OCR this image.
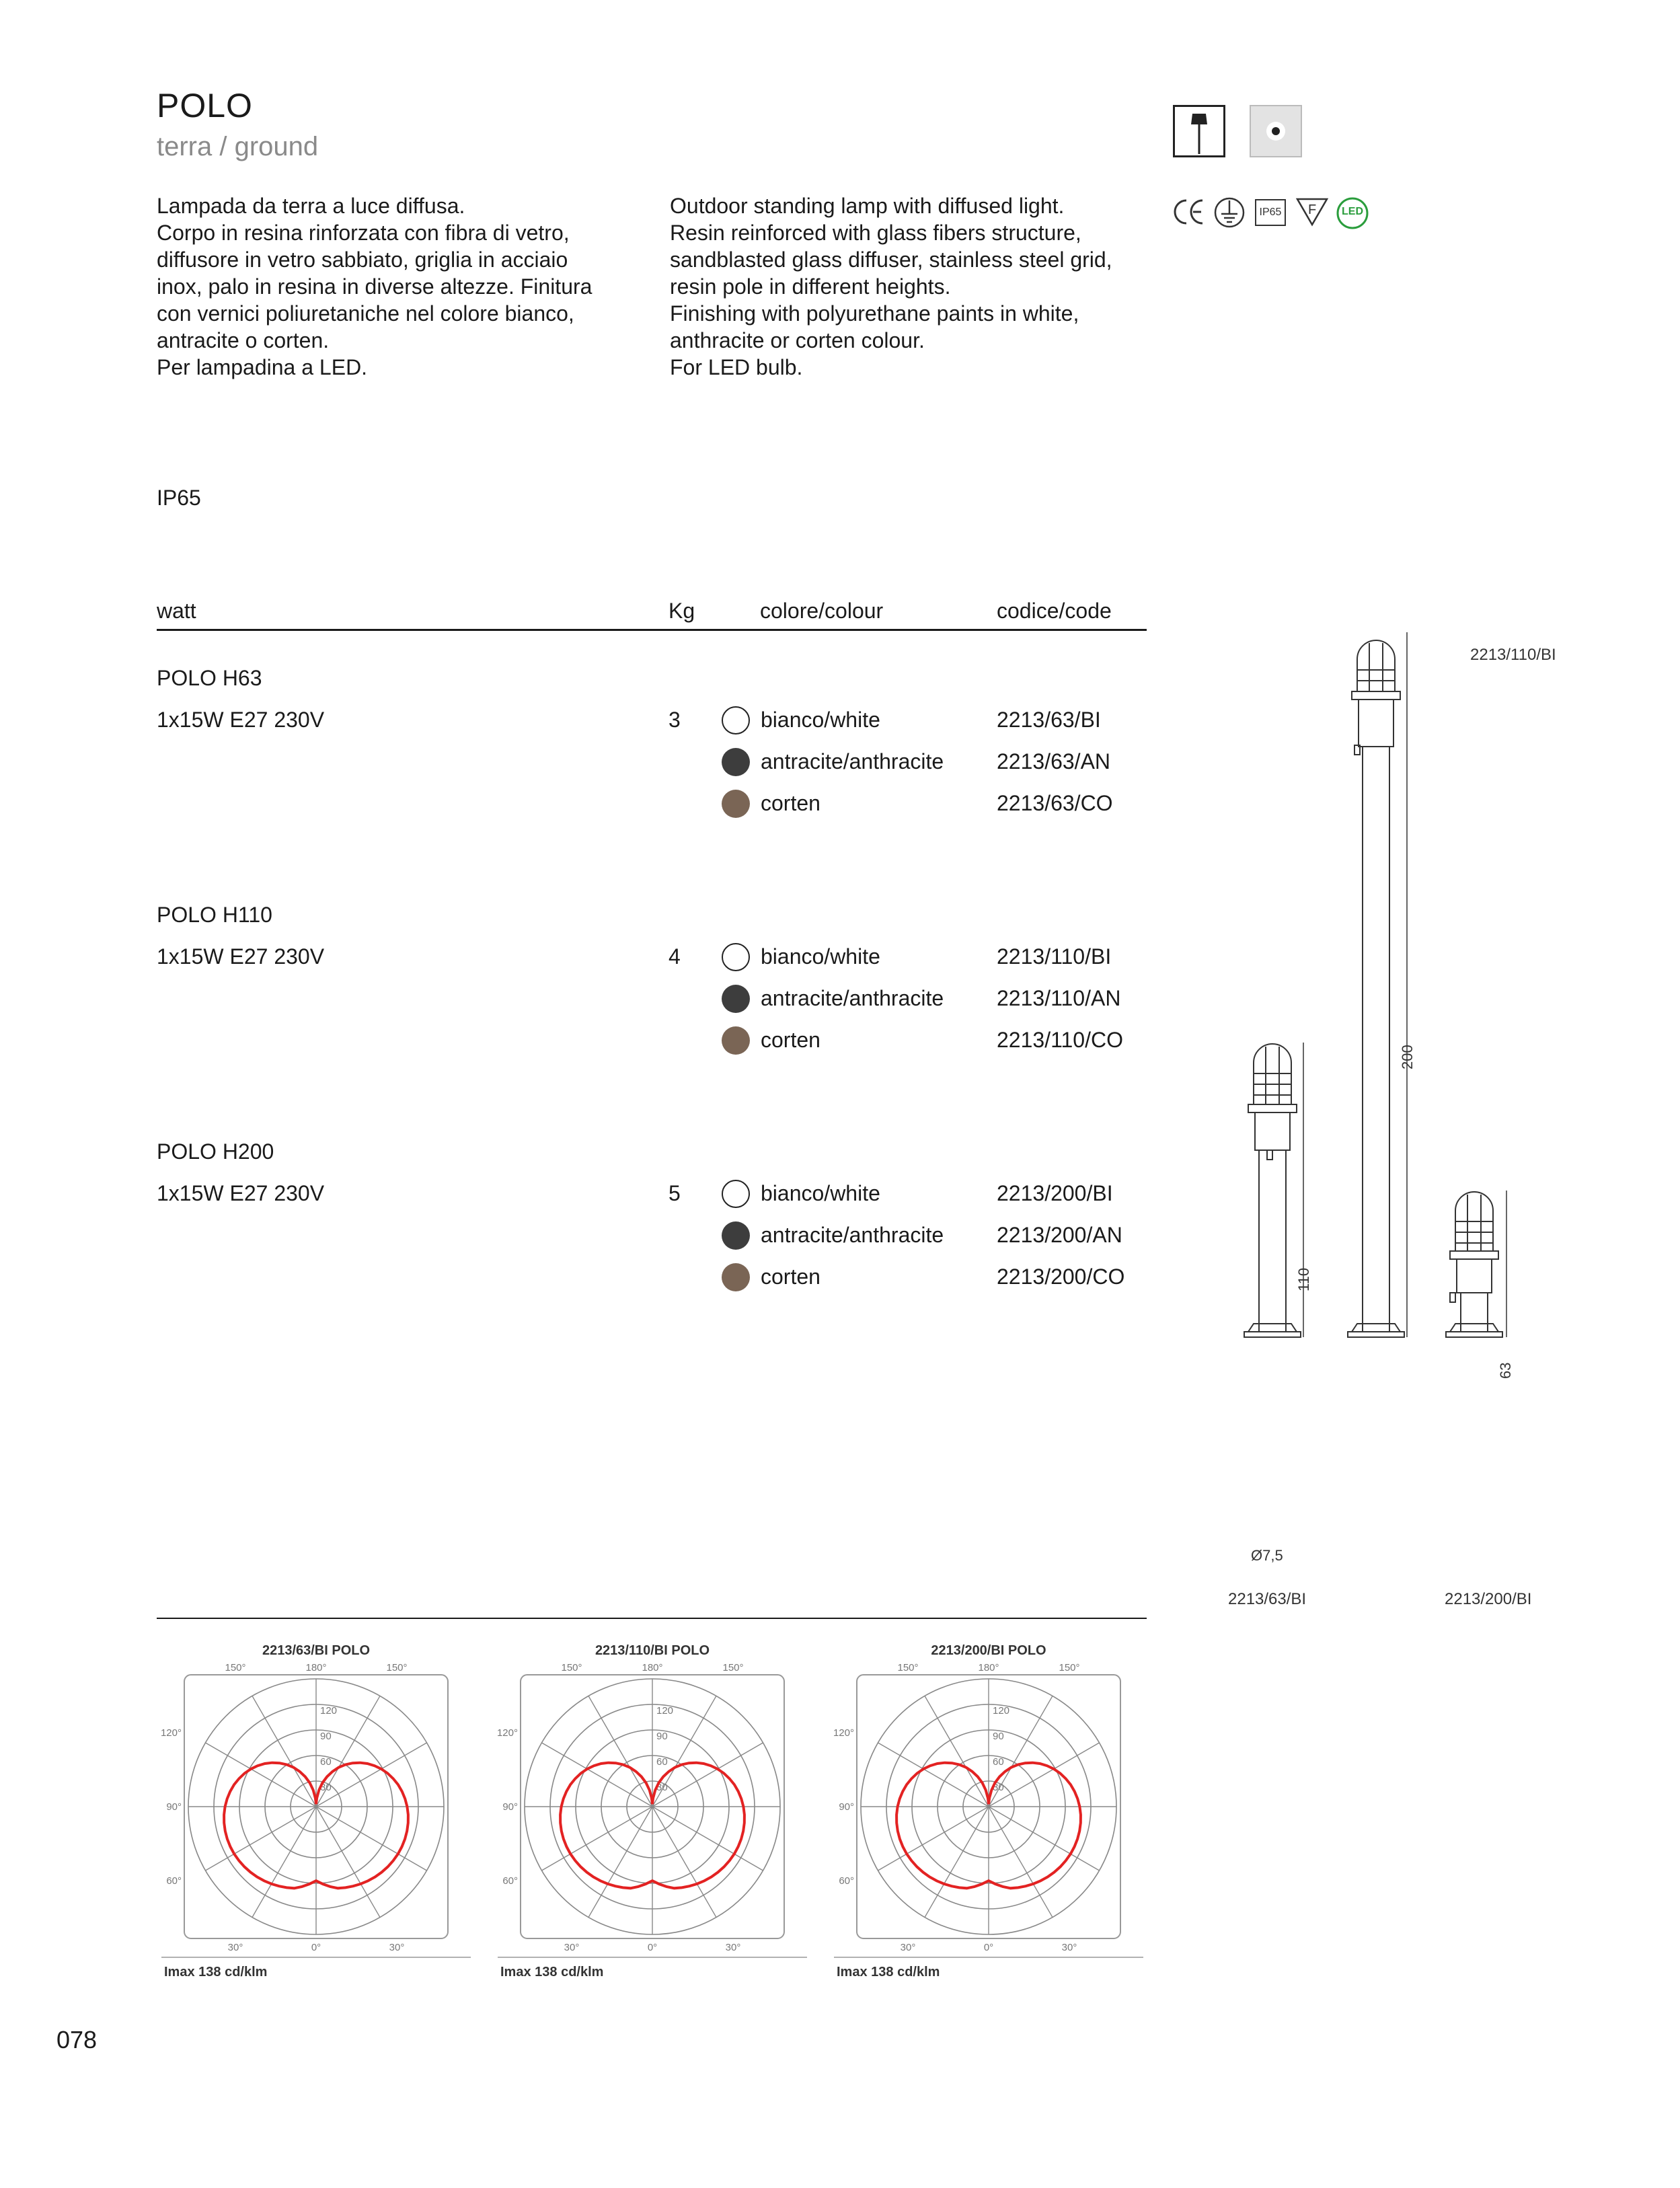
POLO
terra / ground
Lampada da terra a luce diffusa.
Corpo in resina rinforzata con fibra di vetro,
diffusore in vetro sabbiato, griglia in acciaio
inox, palo in resina in diverse altezze. Finitura
con vernici poliuretaniche nel colore bianco,
antracite o corten.
Per lampadina a LED.
Outdoor standing lamp with diffused light.
Resin reinforced with glass fibers structure,
sandblasted glass diffuser, stainless steel grid,
resin pole in different heights.
Finishing with polyurethane paints in white,
anthracite or corten colour.
For LED bulb.
IP65	F	LED
IP65
watt	Kg	colore/colour	codice/code
POLO H63
1x15W E27 230V	3	bianco/white	2213/63/BI
antracite/anthracite 2213/63/AN
corten	2213/63/CO
POLO H110
1x15W E27 230V	4	bianco/white	2213/110/BI
antracite/anthracite 2213/110/AN
corten	2213/110/CO
POLO H200
1x15W E27 230V	5	bianco/white	2213/200/BI
antracite/anthracite 2213/200/AN
corten	2213/200/CO
200
110
63
Ø7,5
2213/110/BI
2213/63/BI	2213/200/BI
2213/63/BI POLO
30
60
90
120
150°	180°	150°
120°
90°
60°
30°	0°	30°
Imax 138 cd/klm
2213/110/BI POLO
30
60
90
120
150°	180°	150°
120°
90°
60°
30°	0°	30°
Imax 138 cd/klm
2213/200/BI POLO
30
60
90
120
150°	180°	150°
120°
90°
60°
30°	0°	30°
Imax 138 cd/klm
078
